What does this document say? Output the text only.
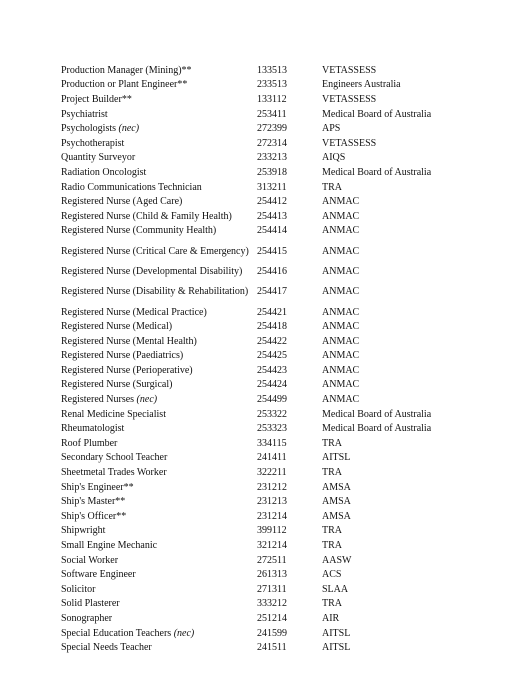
Production Manager (Mining)**	133513	VETASSESS
Production or Plant Engineer**	233513	Engineers Australia
Project Builder**	133112	VETASSESS
Psychiatrist	253411	Medical Board of Australia
Psychologists (nec)	272399	APS
Psychotherapist	272314	VETASSESS
Quantity Surveyor	233213	AIQS
Radiation Oncologist	253918	Medical Board of Australia
Radio Communications Technician	313211	TRA
Registered Nurse (Aged Care)	254412	ANMAC
Registered Nurse (Child & Family Health)	254413	ANMAC
Registered Nurse (Community Health)	254414	ANMAC
Registered Nurse (Critical Care & Emergency)	254415	ANMAC
Registered Nurse (Developmental Disability)	254416	ANMAC
Registered Nurse (Disability & Rehabilitation)	254417	ANMAC
Registered Nurse (Medical Practice)	254421	ANMAC
Registered Nurse (Medical)	254418	ANMAC
Registered Nurse (Mental Health)	254422	ANMAC
Registered Nurse (Paediatrics)	254425	ANMAC
Registered Nurse (Perioperative)	254423	ANMAC
Registered Nurse (Surgical)	254424	ANMAC
Registered Nurses (nec)	254499	ANMAC
Renal Medicine Specialist	253322	Medical Board of Australia
Rheumatologist	253323	Medical Board of Australia
Roof Plumber	334115	TRA
Secondary School Teacher	241411	AITSL
Sheetmetal Trades Worker	322211	TRA
Ship's Engineer**	231212	AMSA
Ship's Master**	231213	AMSA
Ship's Officer**	231214	AMSA
Shipwright	399112	TRA
Small Engine Mechanic	321214	TRA
Social Worker	272511	AASW
Software Engineer	261313	ACS
Solicitor	271311	SLAA
Solid Plasterer	333212	TRA
Sonographer	251214	AIR
Special Education Teachers (nec)	241599	AITSL
Special Needs Teacher	241511	AITSL
